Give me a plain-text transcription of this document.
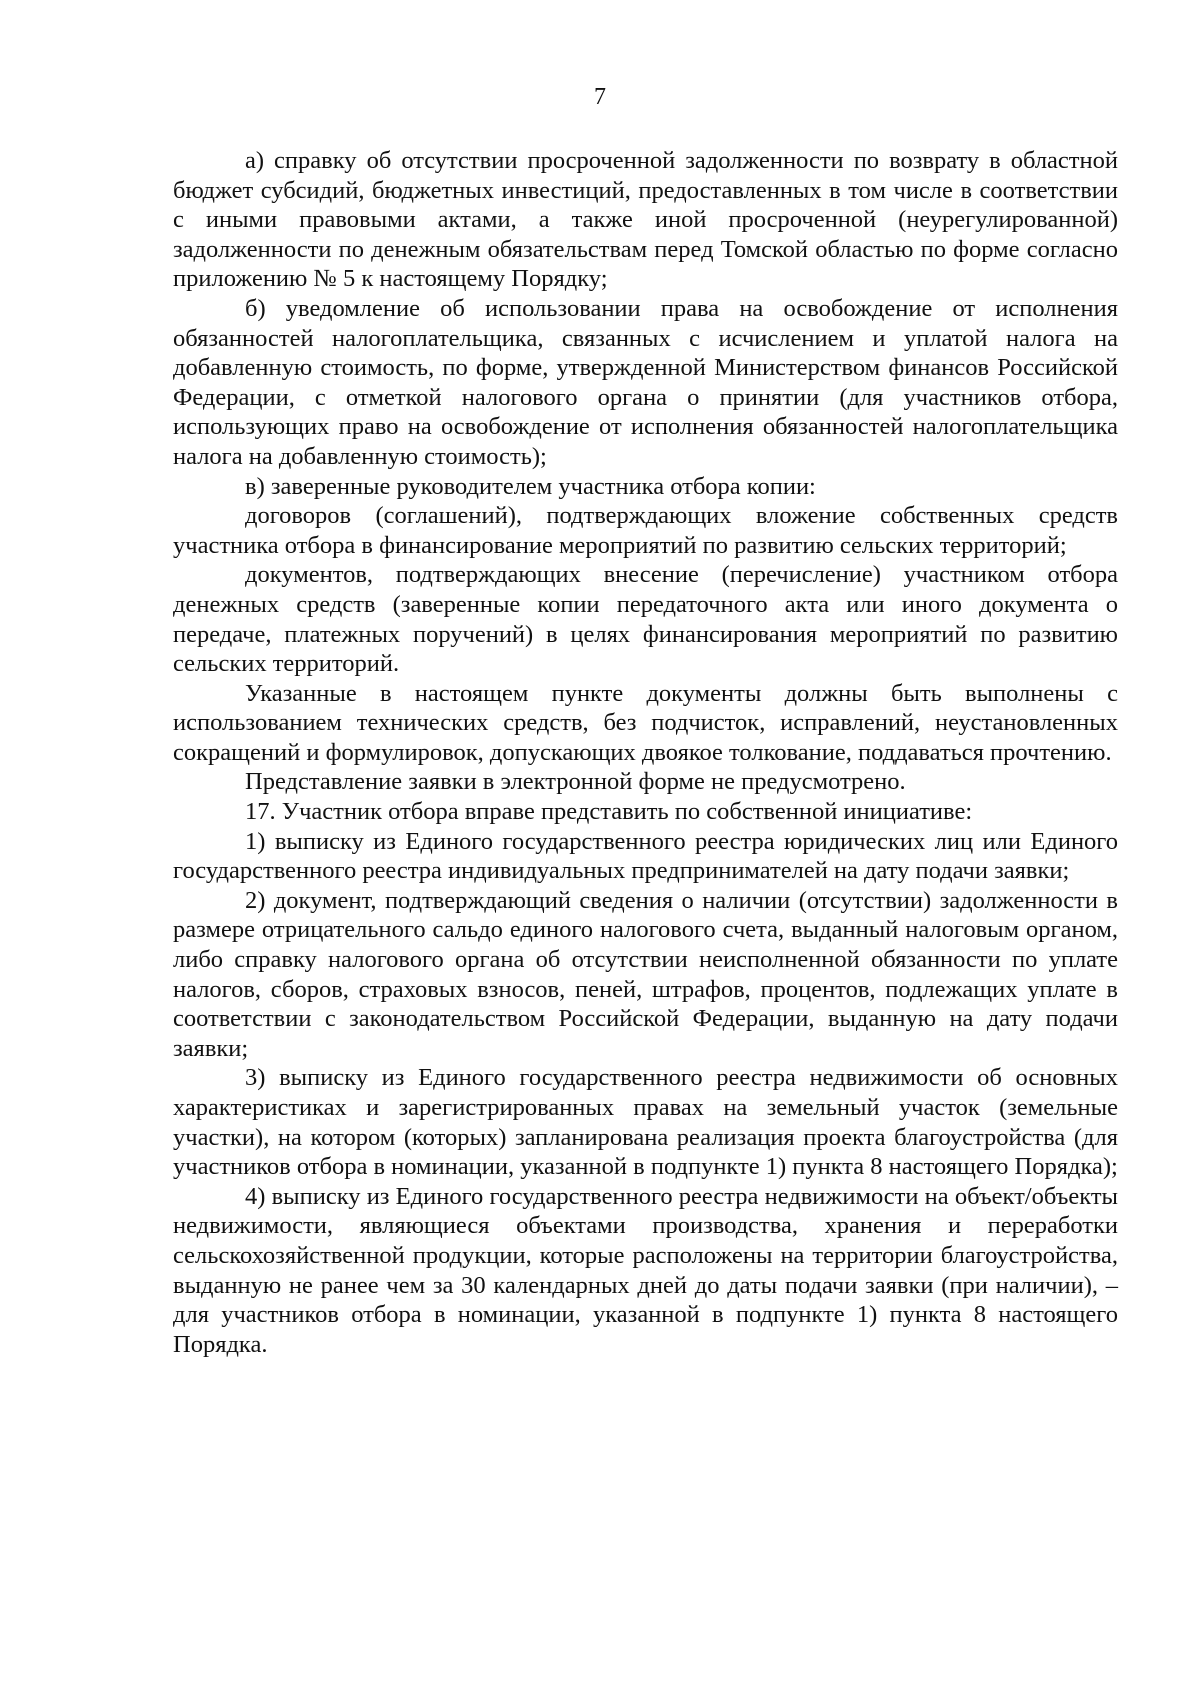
7

а) справку об отсутствии просроченной задолженности по возврату в областной бюджет субсидий, бюджетных инвестиций, предоставленных в том числе в соответствии с иными правовыми актами, а также иной просроченной (неурегулированной) задолженности по денежным обязательствам перед Томской областью по форме согласно приложению № 5 к настоящему Порядку;

б) уведомление об использовании права на освобождение от исполнения обязанностей налогоплательщика, связанных с исчислением и уплатой налога на добавленную стоимость, по форме, утвержденной Министерством финансов Российской Федерации, с отметкой налогового органа о принятии (для участников отбора, использующих право на освобождение от исполнения обязанностей налогоплательщика налога на добавленную стоимость);

в) заверенные руководителем участника отбора копии:

договоров (соглашений), подтверждающих вложение собственных средств участника отбора в финансирование мероприятий по развитию сельских территорий;

документов, подтверждающих внесение (перечисление) участником отбора денежных средств (заверенные копии передаточного акта или иного документа о передаче, платежных поручений) в целях финансирования мероприятий по развитию сельских территорий.

Указанные в настоящем пункте документы должны быть выполнены с использованием технических средств, без подчисток, исправлений, неустановленных сокращений и формулировок, допускающих двоякое толкование, поддаваться прочтению.

Представление заявки в электронной форме не предусмотрено.

17. Участник отбора вправе представить по собственной инициативе:

1) выписку из Единого государственного реестра юридических лиц или Единого государственного реестра индивидуальных предпринимателей на дату подачи заявки;

2) документ, подтверждающий сведения о наличии (отсутствии) задолженности в размере отрицательного сальдо единого налогового счета, выданный налоговым органом, либо справку налогового органа об отсутствии неисполненной обязанности по уплате налогов, сборов, страховых взносов, пеней, штрафов, процентов, подлежащих уплате в соответствии с законодательством Российской Федерации, выданную на дату подачи заявки;

3) выписку из Единого государственного реестра недвижимости об основных характеристиках и зарегистрированных правах на земельный участок (земельные участки), на котором (которых) запланирована реализация проекта благоустройства (для участников отбора в номинации, указанной в подпункте 1) пункта 8 настоящего Порядка);

4) выписку из Единого государственного реестра недвижимости на объект/объекты недвижимости, являющиеся объектами производства, хранения и переработки сельскохозяйственной продукции, которые расположены на территории благоустройства, выданную не ранее чем за 30 календарных дней до даты подачи заявки (при наличии), – для участников отбора в номинации, указанной в подпункте 1) пункта 8 настоящего Порядка.
